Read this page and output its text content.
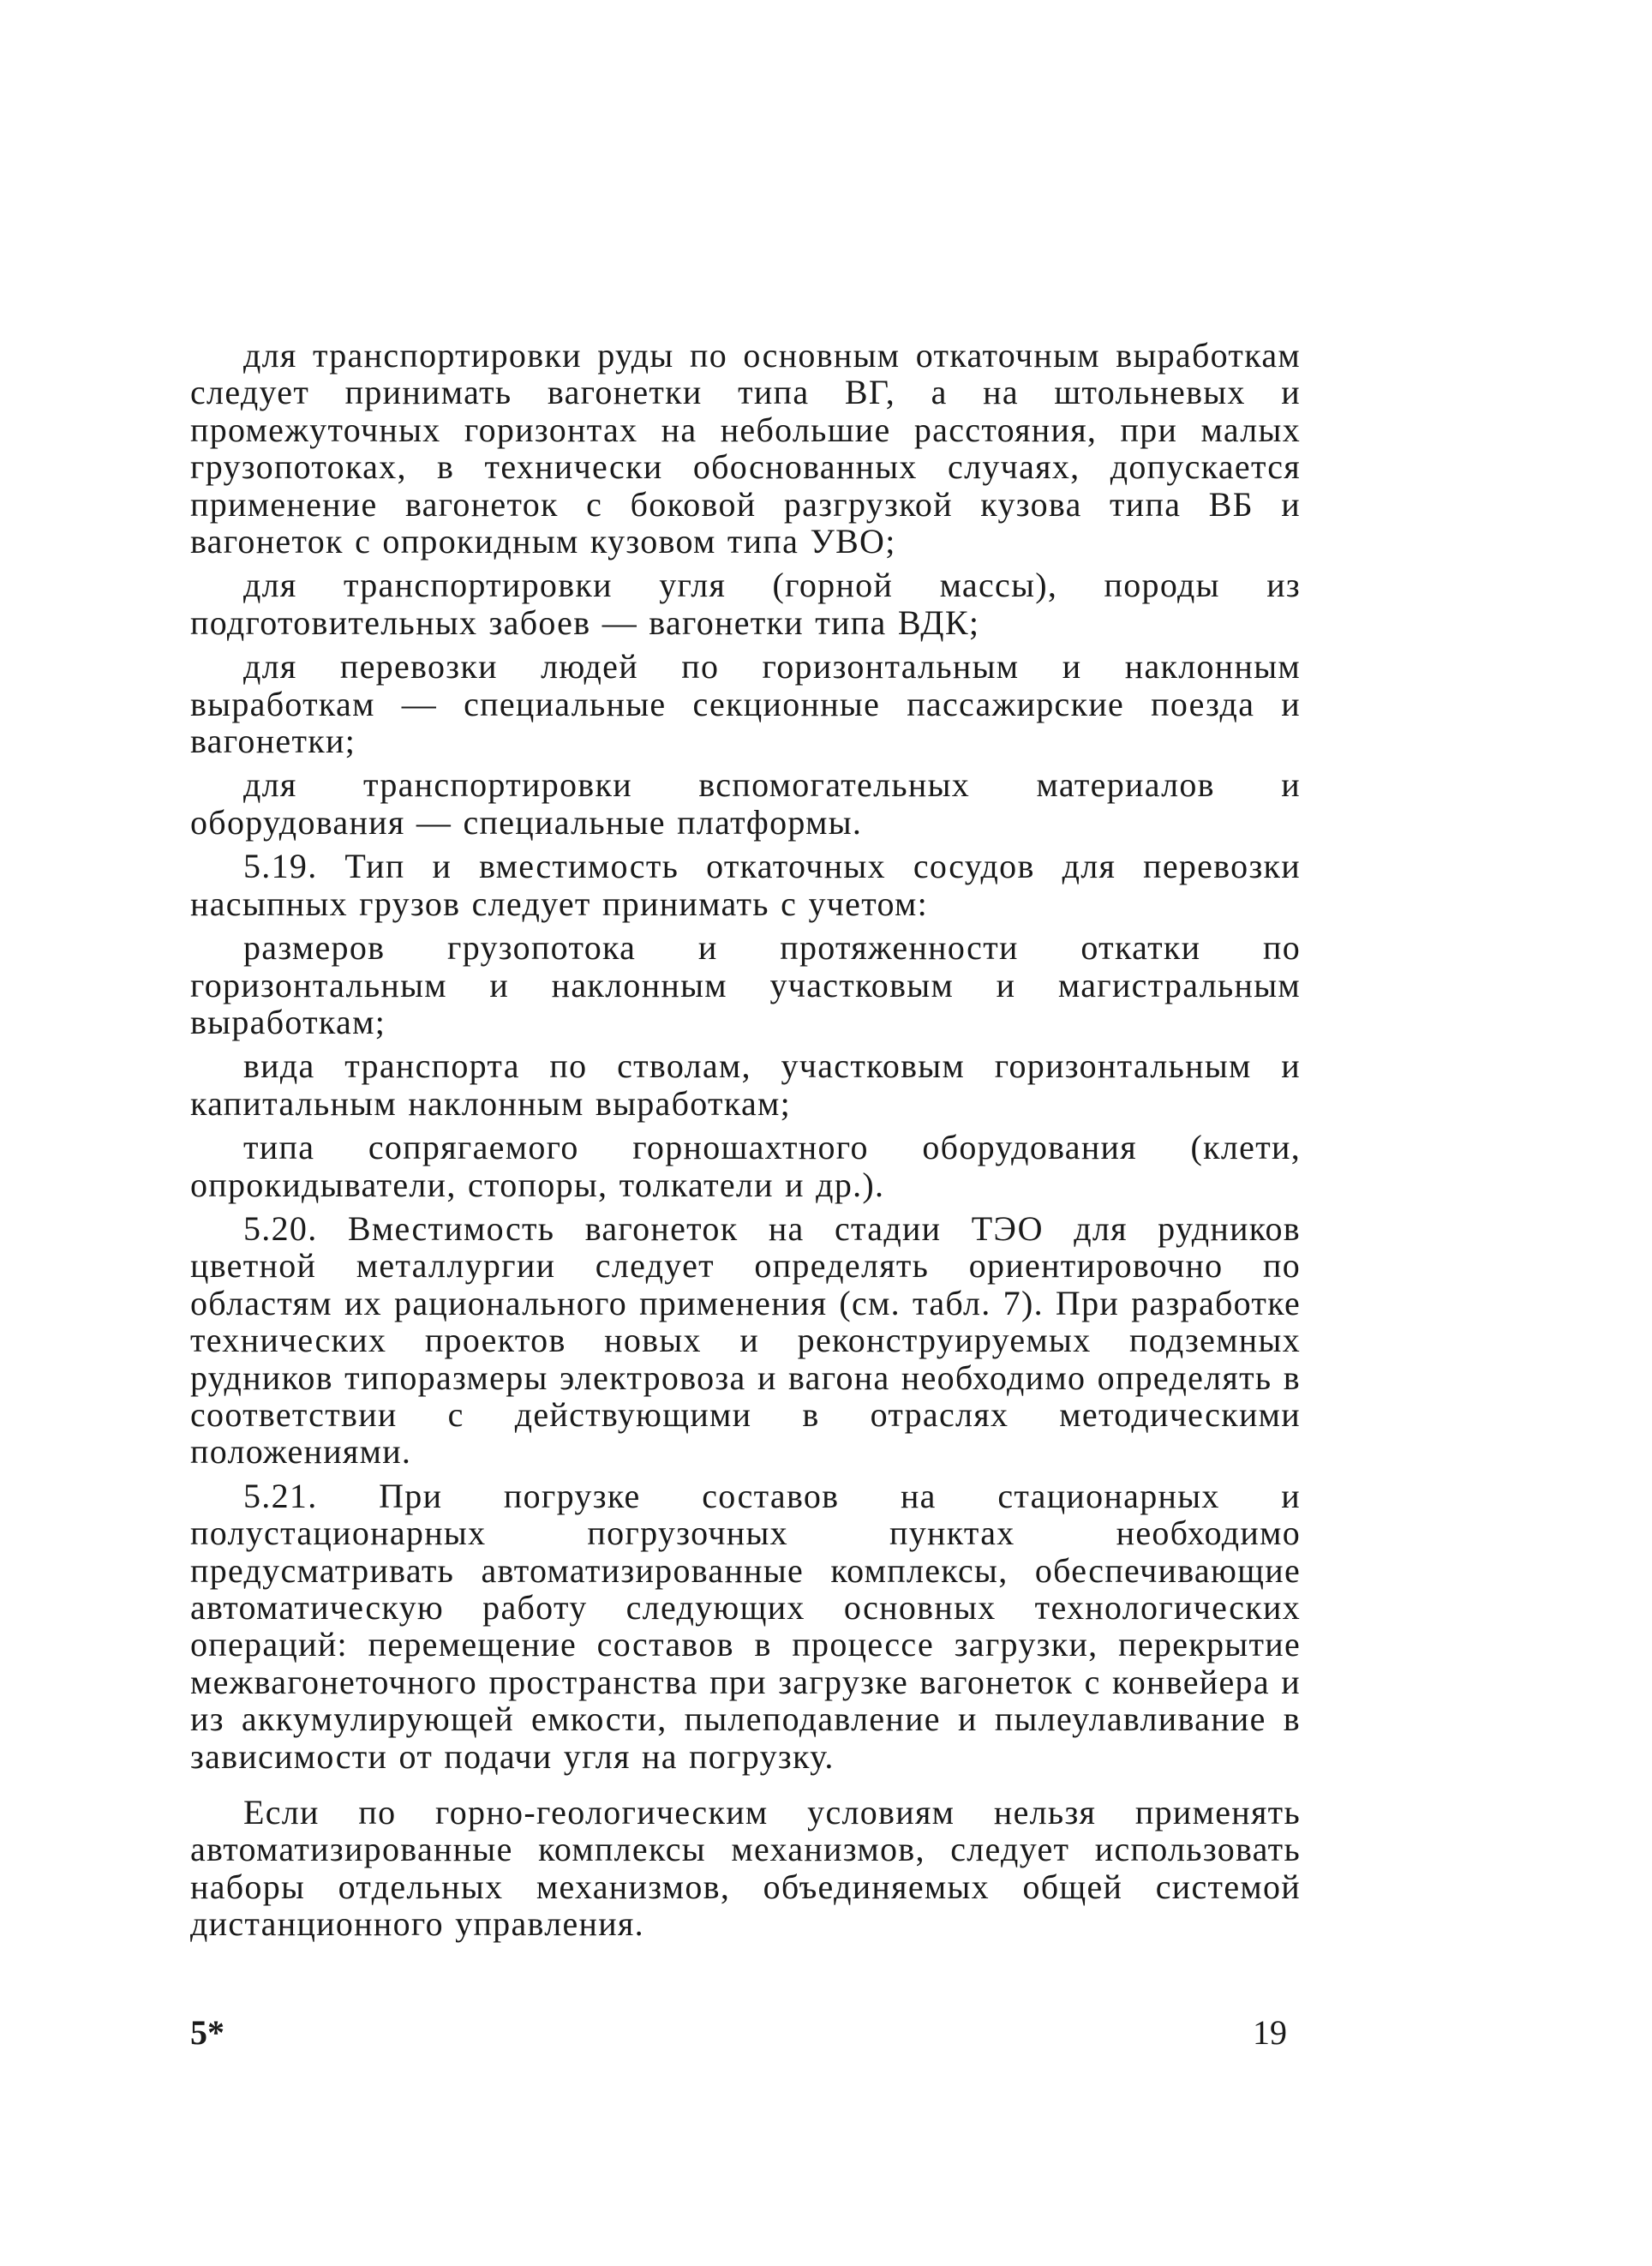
для транспортировки руды по основным откаточным выработкам следует принимать вагонетки типа ВГ, а на штольневых и промежуточных горизонтах на небольшие расстояния, при малых грузопотоках, в технически обоснованных случаях, допускается применение вагонеток с боковой разгрузкой кузова типа ВБ и вагонеток с опрокидным кузовом типа УВО;

для транспортировки угля (горной массы), породы из подготовительных забоев — вагонетки типа ВДК;

для перевозки людей по горизонтальным и наклонным выработкам — специальные секционные пассажирские поезда и вагонетки;

для транспортировки вспомогательных материалов и оборудования — специальные платформы.

5.19. Тип и вместимость откаточных сосудов для перевозки насыпных грузов следует принимать с учетом:

размеров грузопотока и протяженности откатки по горизонтальным и наклонным участковым и магистральным выработкам;

вида транспорта по стволам, участковым горизонтальным и капитальным наклонным выработкам;

типа сопрягаемого горношахтного оборудования (клети, опрокидыватели, стопоры, толкатели и др.).

5.20. Вместимость вагонеток на стадии ТЭО для рудников цветной металлургии следует определять ориентировочно по областям их рационального применения (см. табл. 7). При разработке технических проектов новых и реконструируемых подземных рудников типоразмеры электровоза и вагона необходимо определять в соответствии с действующими в отраслях методическими положениями.

5.21. При погрузке составов на стационарных и полустационарных погрузочных пунктах необходимо предусматривать автоматизированные комплексы, обеспечивающие автоматическую работу следующих основных технологических операций: перемещение составов в процессе загрузки, перекрытие межвагонеточного пространства при загрузке вагонеток с конвейера и из аккумулирующей емкости, пылеподавление и пылеулавливание в зависимости от подачи угля на погрузку.

Если по горно-геологическим условиям нельзя применять автоматизированные комплексы механизмов, следует использовать наборы отдельных механизмов, объединяемых общей системой дистанционного управления.

5*	19
